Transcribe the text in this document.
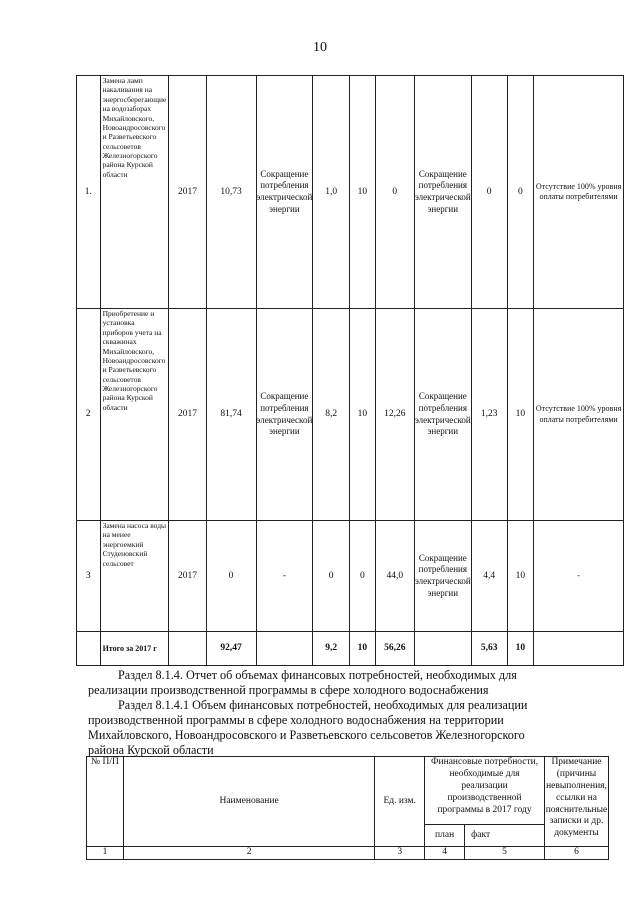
10
1.	Замена ламп накаливания на энергосберегающие на водозаборах Михайловского, Новоандросовского и Разветьевского сельсоветов Железногорского района Курской области	2017	10,73	Сокращение потребления электрической энергии	1,0	10	0	Сокращение потребления электрической энергии	0	0	Отсутствие 100% уровня оплаты потребителями
2	Приобретение и установка приборов учета на скважинах Михайловского, Новоандросовского и Разветьевского сельсоветов Железногорского района Курской области	2017	81,74	Сокращение потребления электрической энергии	8,2	10	12,26	Сокращение потребления электрической энергии	1,23	10	Отсутствие 100% уровня оплаты потребителями
3	Замена насоса воды на менее энергоемкий Студеновский сельсовет	2017	0	-	0	0	44,0	Сокращение потребления электрической энергии	4,4	10	-
	Итого за 2017 г		92,47		9,2	10	56,26		5,63	10	
Раздел 8.1.4. Отчет об объемах финансовых потребностей, необходимых для
реализации производственной программы в сфере холодного водоснабжения
Раздел 8.1.4.1 Объем финансовых потребностей, необходимых для реализации
производственной программы в сфере холодного водоснабжения на территории
Михайловского, Новоандросовского и Разветьевского сельсоветов Железногорского
района Курской области
№ П/П	Наименование	Ед. изм.	Финансовые потребности, необходимые для реализации производственной программы в 2017 году		Примечание (причины невыполнения, ссылки на пояснительные записки и др. документы
			план	факт	
1	2	3	4	5	6
